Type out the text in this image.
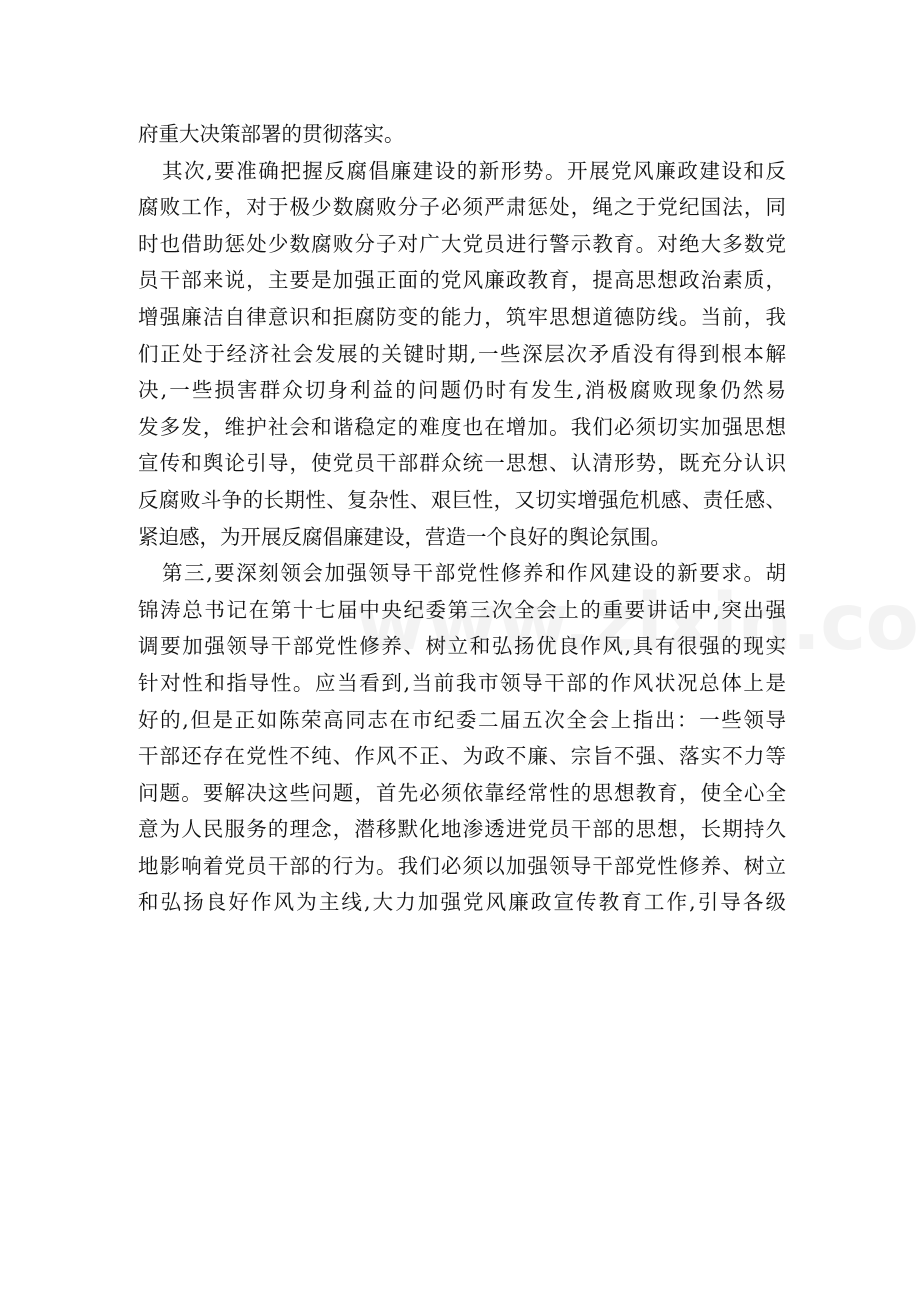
府重大决策部署的贯彻落实。
其次,要准确把握反腐倡廉建设的新形势。开展党风廉政建设和反
腐败工作，对于极少数腐败分子必须严肃惩处，绳之于党纪国法，同
时也借助惩处少数腐败分子对广大党员进行警示教育。对绝大多数党
员干部来说，主要是加强正面的党风廉政教育，提高思想政治素质，
增强廉洁自律意识和拒腐防变的能力，筑牢思想道德防线。当前，我
们正处于经济社会发展的关键时期,一些深层次矛盾没有得到根本解
决,一些损害群众切身利益的问题仍时有发生,消极腐败现象仍然易
发多发，维护社会和谐稳定的难度也在增加。我们必须切实加强思想
宣传和舆论引导，使党员干部群众统一思想、认清形势，既充分认识
反腐败斗争的长期性、复杂性、艰巨性，又切实增强危机感、责任感、
紧迫感，为开展反腐倡廉建设，营造一个良好的舆论氛围。
第三,要深刻领会加强领导干部党性修养和作风建设的新要求。胡
锦涛总书记在第十七届中央纪委第三次全会上的重要讲话中,突出强
调要加强领导干部党性修养、树立和弘扬优良作风,具有很强的现实
针对性和指导性。应当看到,当前我市领导干部的作风状况总体上是
好的,但是正如陈荣高同志在市纪委二届五次全会上指出：一些领导
干部还存在党性不纯、作风不正、为政不廉、宗旨不强、落实不力等
问题。要解决这些问题，首先必须依靠经常性的思想教育，使全心全
意为人民服务的理念，潜移默化地渗透进党员干部的思想，长期持久
地影响着党员干部的行为。我们必须以加强领导干部党性修养、树立
和弘扬良好作风为主线,大力加强党风廉政宣传教育工作,引导各级
